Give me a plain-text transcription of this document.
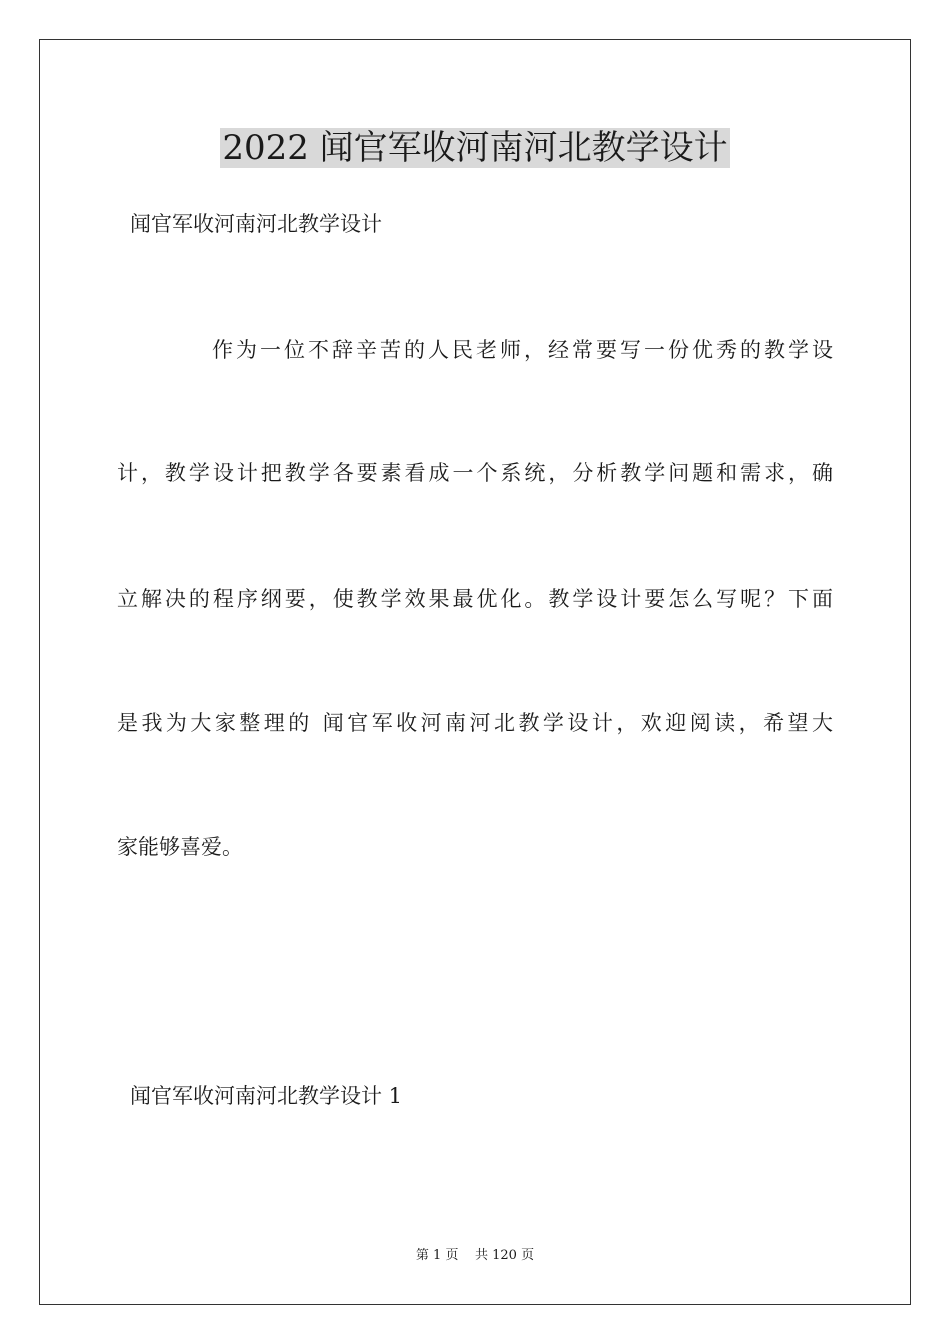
2022 闻官军收河南河北教学设计

闻官军收河南河北教学设计

作为一位不辞辛苦的人民老师，经常要写一份优秀的教学设

计，教学设计把教学各要素看成一个系统，分析教学问题和需求，确

立解决的程序纲要，使教学效果最优化。教学设计要怎么写呢？下面

是我为大家整理的 闻官军收河南河北教学设计，欢迎阅读，希望大

家能够喜爱。

闻官军收河南河北教学设计 1

第 1 页    共 120 页
